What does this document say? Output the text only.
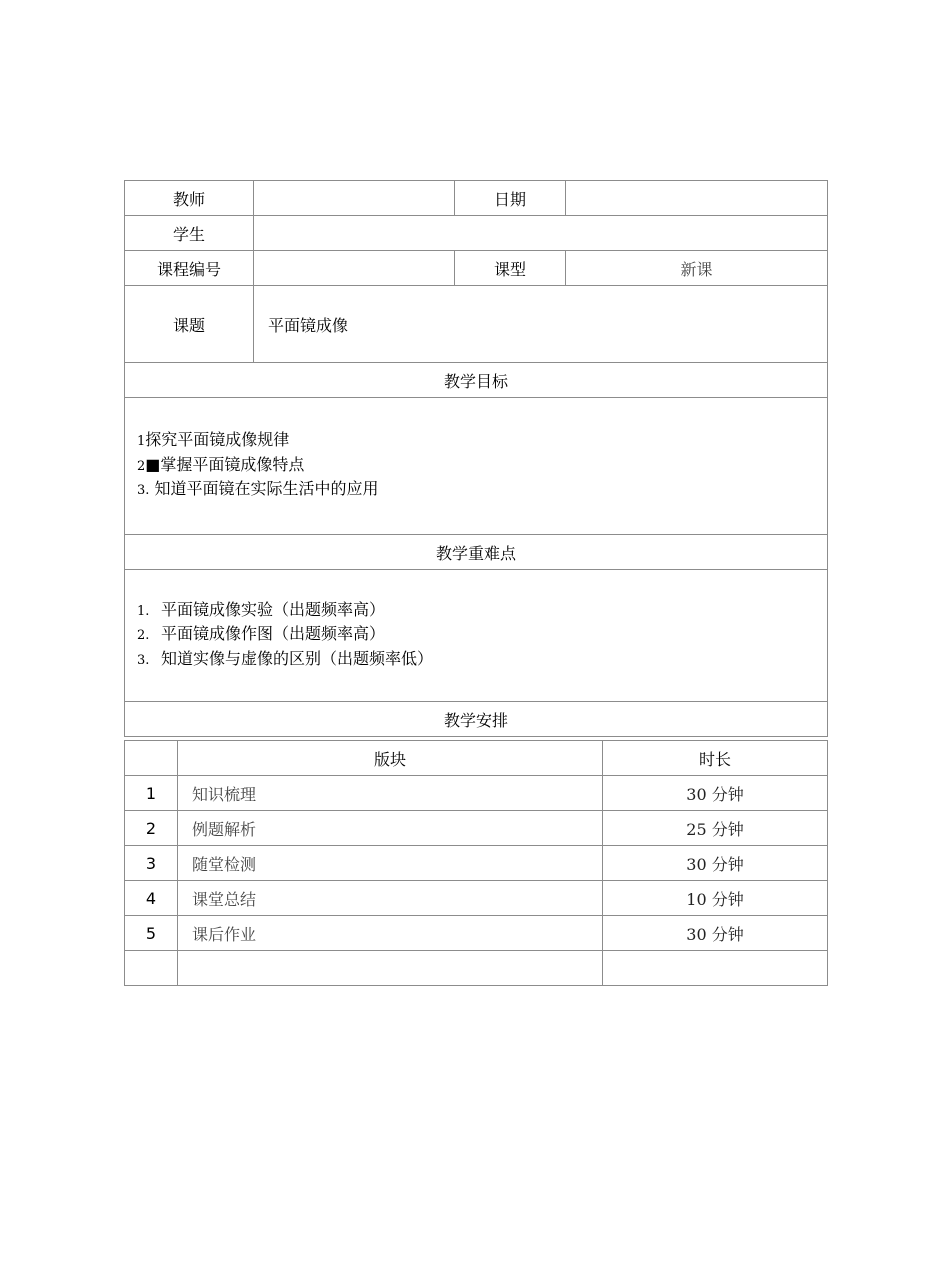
教师		日期	
学生			
课程编号		课型	新课
课题	平面镜成像		
教学目标			

1探究平面镜成像规律
2■掌握平面镜成像特点
3. 知道平面镜在实际生活中的应用			

教学重难点			

1. 平面镜成像实验（出题频率高）
2. 平面镜成像作图（出题频率高）
3. 知道实像与虚像的区别（出题频率低）			

教学安排			
	版块	时长
1	知识梳理	30 分钟
2	例题解析	25 分钟
3	随堂检测	30 分钟
4	课堂总结	10 分钟
5	课后作业	30 分钟
